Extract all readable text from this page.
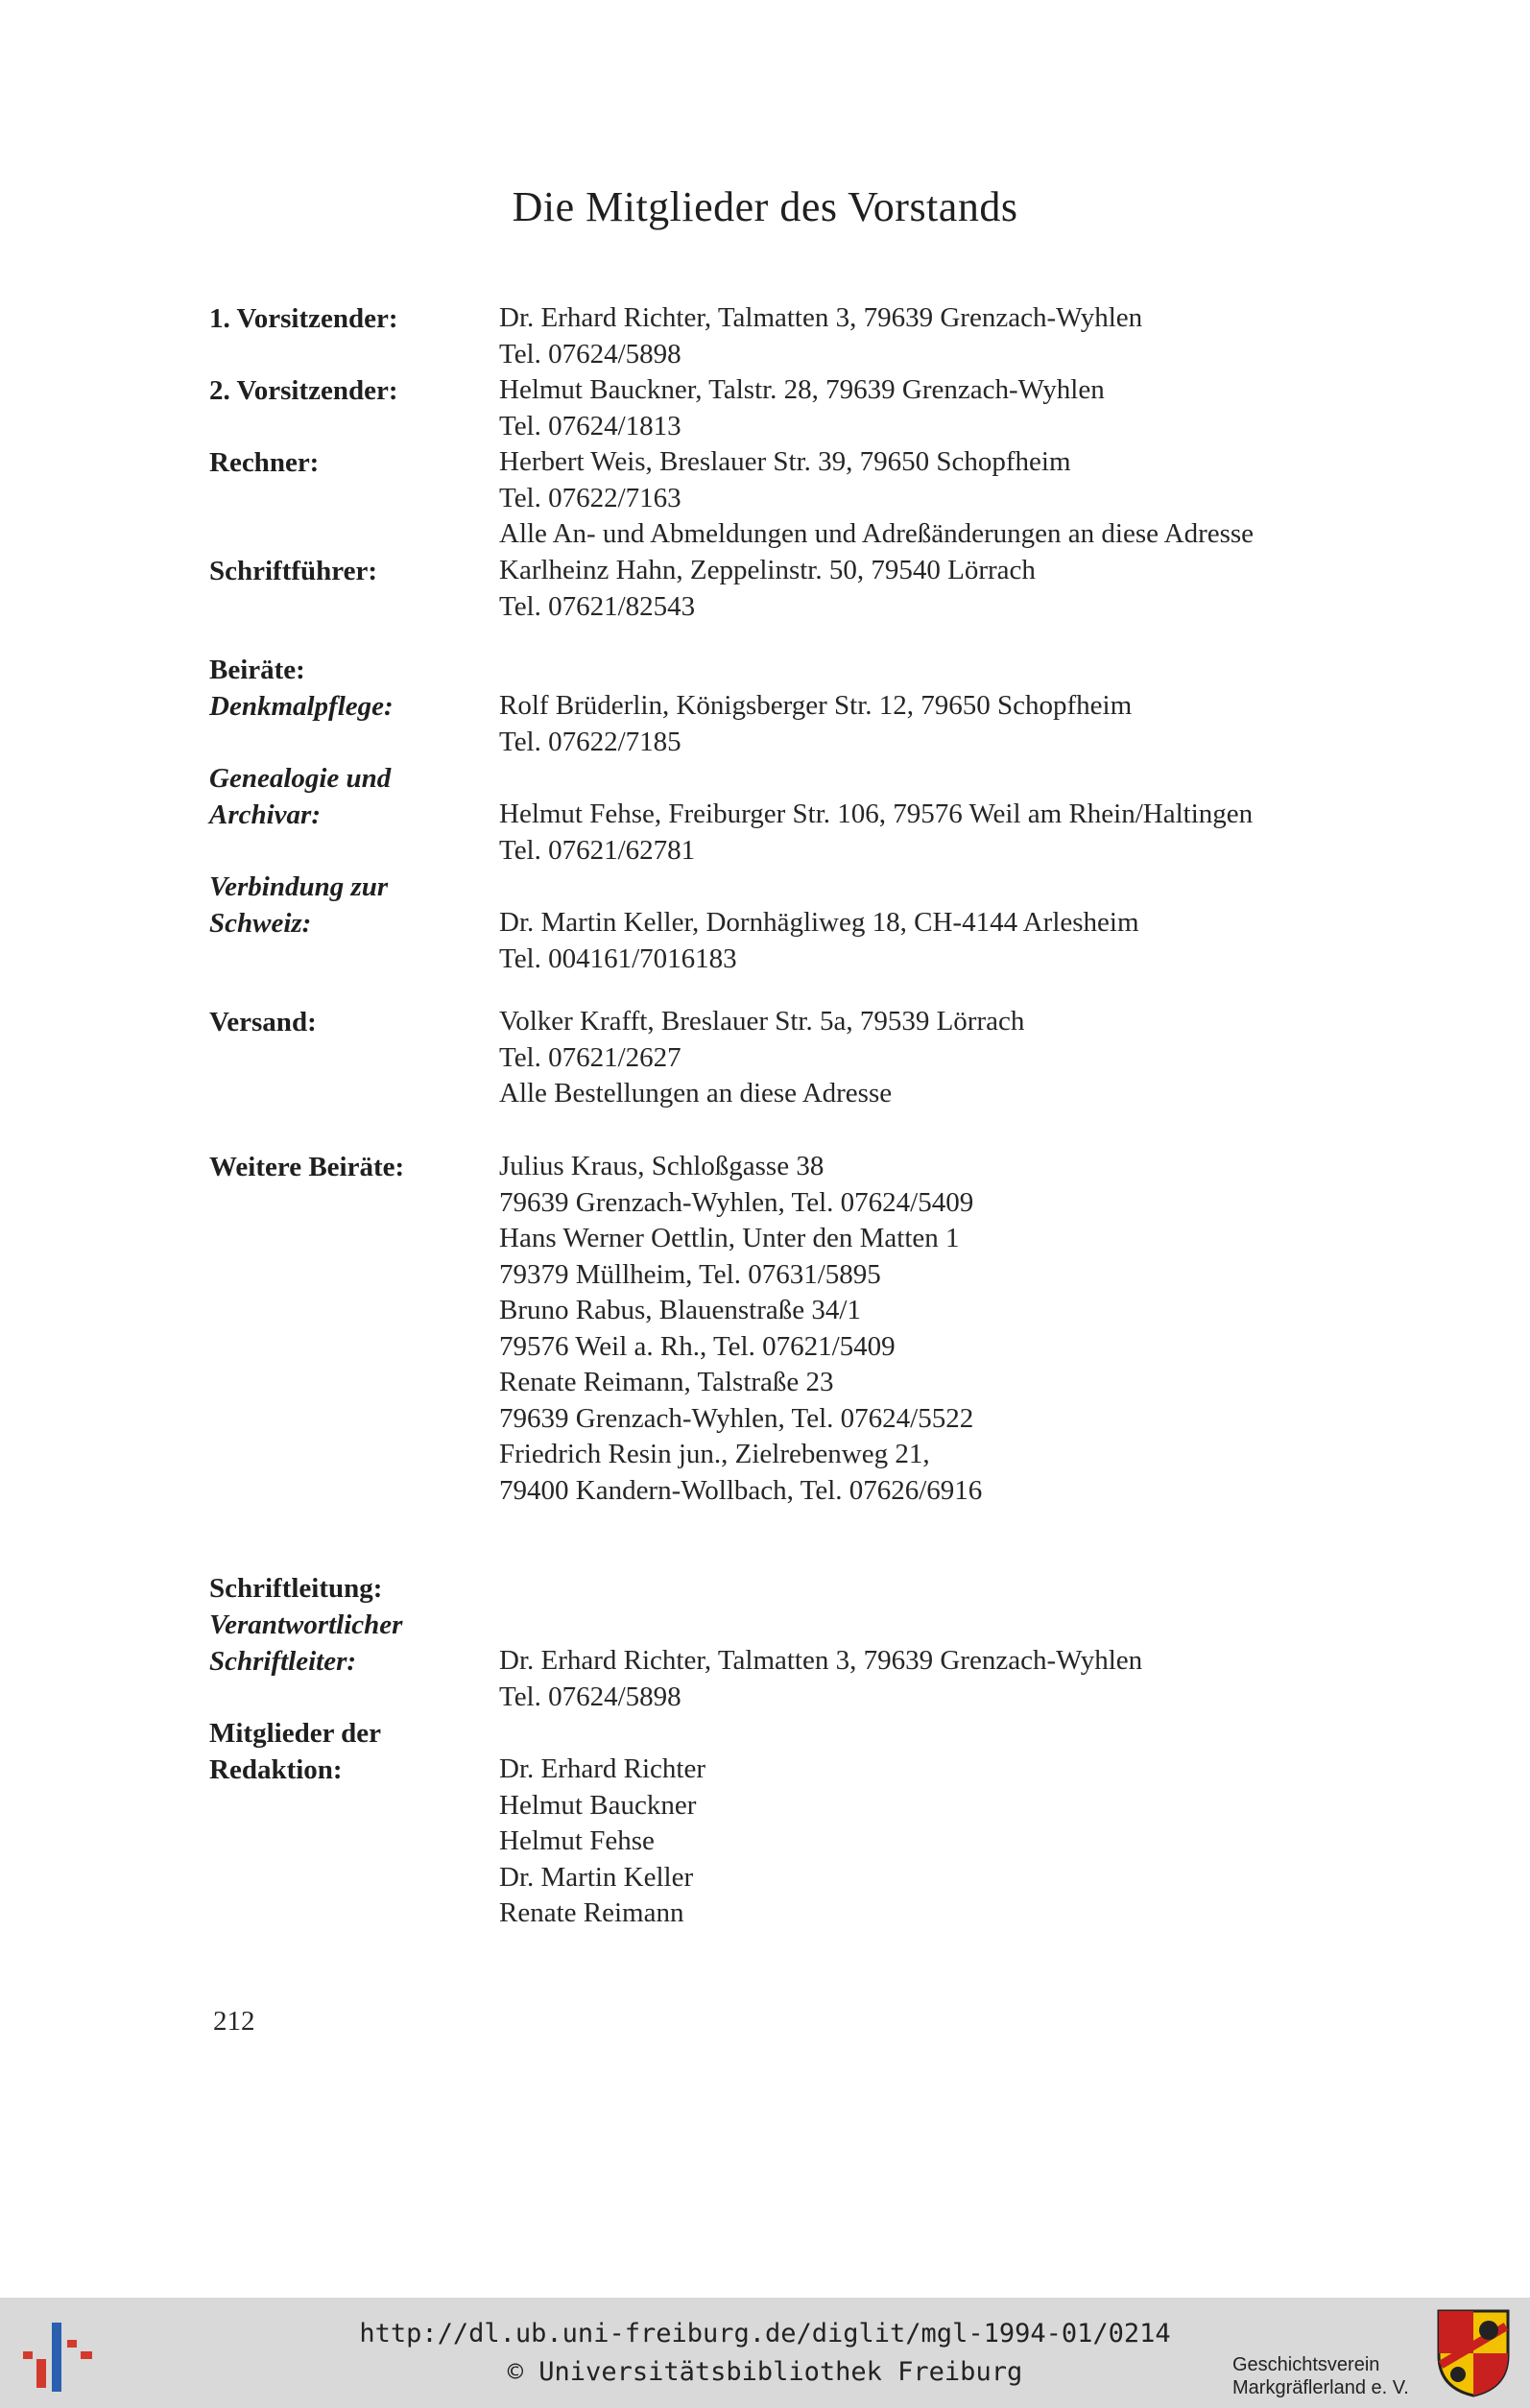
Die Mitglieder des Vorstands
1. Vorsitzender:	Dr. Erhard Richter, Talmatten 3, 79639 Grenzach-Wyhlen
Tel. 07624/5898
2. Vorsitzender:	Helmut Bauckner, Talstr. 28, 79639 Grenzach-Wyhlen
Tel. 07624/1813
Rechner:	Herbert Weis, Breslauer Str. 39, 79650 Schopfheim
Tel. 07622/7163
Alle An- und Abmeldungen und Adreßänderungen an diese Adresse
Schriftführer:	Karlheinz Hahn, Zeppelinstr. 50, 79540 Lörrach
Tel. 07621/82543
Beiräte:
Denkmalpflege:	Rolf Brüderlin, Königsberger Str. 12, 79650 Schopfheim
Tel. 07622/7185
Genealogie und
Archivar:	Helmut Fehse, Freiburger Str. 106, 79576 Weil am Rhein/Haltingen
Tel. 07621/62781
Verbindung zur
Schweiz:	Dr. Martin Keller, Dornhägliweg 18, CH-4144 Arlesheim
Tel. 004161/7016183
Versand:	Volker Krafft, Breslauer Str. 5a, 79539 Lörrach
Tel. 07621/2627
Alle Bestellungen an diese Adresse
Weitere Beiräte:	Julius Kraus, Schloßgasse 38
79639 Grenzach-Wyhlen, Tel. 07624/5409
Hans Werner Oettlin, Unter den Matten 1
79379 Müllheim, Tel. 07631/5895
Bruno Rabus, Blauenstraße 34/1
79576 Weil a. Rh., Tel. 07621/5409
Renate Reimann, Talstraße 23
79639 Grenzach-Wyhlen, Tel. 07624/5522
Friedrich Resin jun., Zielrebenweg 21,
79400 Kandern-Wollbach, Tel. 07626/6916
Schriftleitung:
Verantwortlicher
Schriftleiter:	Dr. Erhard Richter, Talmatten 3, 79639 Grenzach-Wyhlen
Tel. 07624/5898
Mitglieder der
Redaktion:	Dr. Erhard Richter
Helmut Bauckner
Helmut Fehse
Dr. Martin Keller
Renate Reimann
212
http://dl.ub.uni-freiburg.de/diglit/mgl-1994-01/0214
© Universitätsbibliothek Freiburg	Geschichtsverein
Markgräflerland e. V.
